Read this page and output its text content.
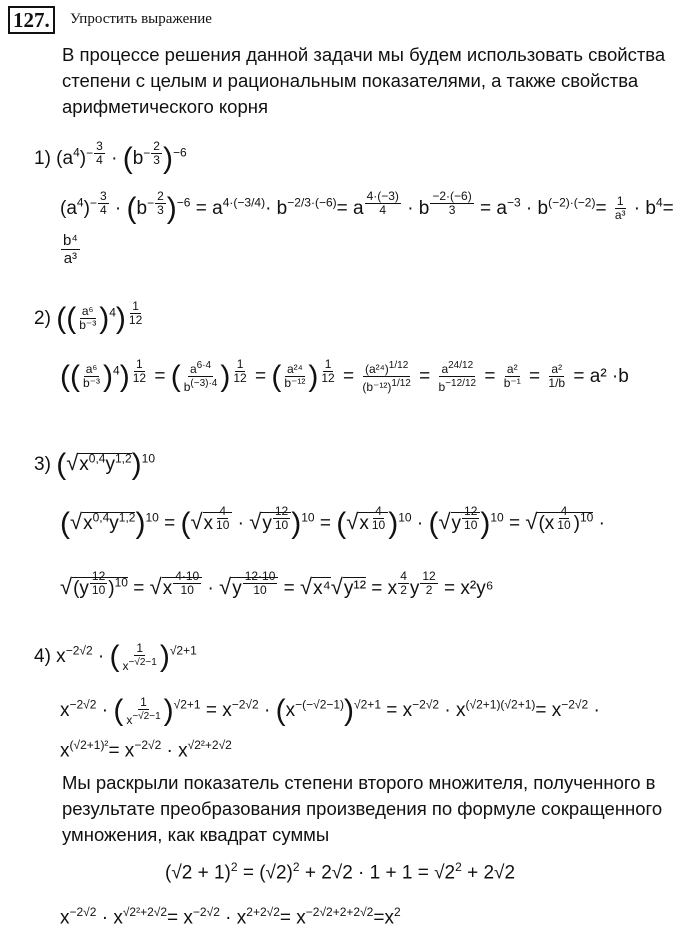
127.	Упростить выражение
В процессе решения данной задачи мы будем использовать свойства
степени с целым и рациональным показателями, а также свойства
арифметического корня
1) $(a^4)^{- \frac{3}{4}} \cdot (b^{- \frac{2}{3}}$ )$^{-6}$
$(a^4)^{- \frac{3}{4}} \cdot (b^{- \frac{2}{3}}$ )$^{-6} = a^{4\cdot(-3/4)}\cdot b^{-2/3\cdot(-6)}= a$ $^{\frac{4\cdot(-3)}{4}}$ · b $^{\frac{-2\cdot(-6)}{3}} = a^{-3} \cdot b^{(-2)\cdot(-2)}= \frac{1}{\text{a³}} \cdot b^4=$
$\frac{\text{b⁴}}{\text{a³}}$
2) (( $\frac{\text{a⁶}}{\text{b⁻³}} )^4$) $^{\frac{1}{12}}$
(( $\frac{\text{a⁶}}{\text{b⁻³}} )^4$) $^{\frac{1}{12}}$ = ( $\frac{a^{6\cdot 4}}{b^{(-3)\cdot 4}}$ ) $^{\frac{1}{12}}$ = ( $\frac{\text{a²⁴}}{\text{b⁻¹²}}$ ) $^{\frac{1}{12}} = \frac{(a^{24})^{1/12}}{(b^{-12})^{1/12}} = \frac{a^{24/12}}{b^{-12/12}} = \frac{\text{a²}}{\text{b⁻¹}} = \frac{\text{a²}}{1/b} = a^2 \cdot b$
3) $(√x^{0,4}y^{1,2})^{10}$
$(√x^{0,4}y^{1,2})^{10} = (√x$ $^{\frac{4}{10}}$ · √y $^{\frac{12}{10}}$ )$^{10}$ = (√x $^{\frac{4}{10}}$ )$^{10}$ · (√y $^{\frac{12}{10}}$ )$^{10}$ = √(x $^{\frac{4}{10}}$ )$^{10}$ ·
√(y $^{\frac{12}{10}}$ )$^{10}$ = √x $^{\frac{4\cdot 10}{10}}$ · √y $^{\frac{12\cdot 10}{10}}$ = √x⁴√y¹² = x $^{\frac{4}{2}}$ y $^{\frac{12}{2}}$ = x²y⁶
4) $x^{-2√2}$ · ( $\frac{1}{x^{-√2-1}} )^{√2+1}$
$x^{-2√2}$ · ( $\frac{1}{x^{-√2-1}} )^{√2+1} = x^{-2√2} \cdot (x^{-(-√2-1)})^{√2+1} = x^{-2√2} \cdot x^{(√2+1)(√2+1)}= x^{-2√2}$ ·
$x^{(√2+1)^2}= x^{-2√2} \cdot x^{√2^2+2√2}$
Мы раскрыли показатель степени второго множителя, полученного в
результате преобразования произведения по формуле сокращенного
умножения, как квадрат суммы
$(√2 + 1)^2 = (√2)^2 + 2√2 \cdot 1 + 1 = √2^2 + 2√2$
$x^{-2√2} \cdot x^{√2^2+2√2}= x^{-2√2} \cdot x^{2+2√2}= x^{-2√2+2+2√2}=x^2$
